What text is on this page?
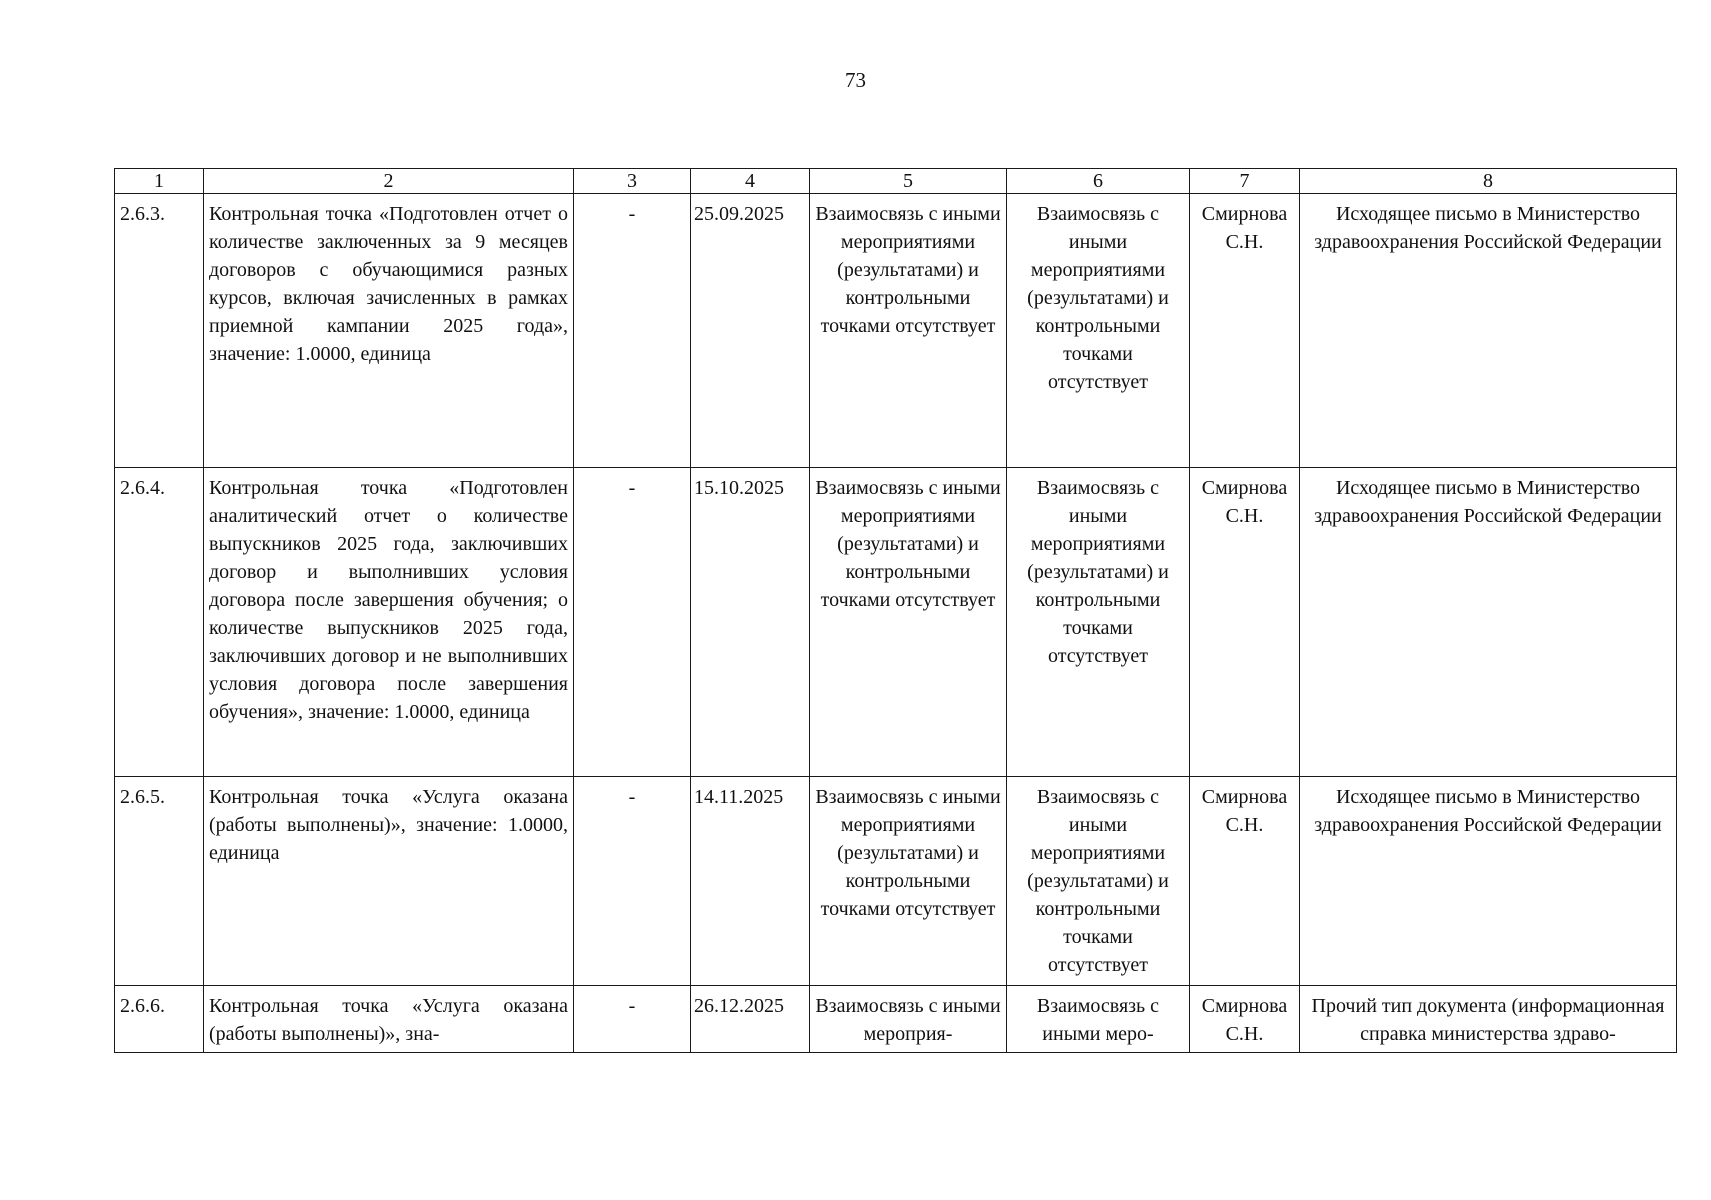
73
1	2	3	4	5	6	7	8
2.6.3.	Контрольная точка «Подготовлен отчет о количестве заключенных за 9 месяцев договоров с обучающимися разных курсов, включая зачисленных в рамках приемной кампании 2025 года», значение: 1.0000, единица	-	25.09.2025	Взаимосвязь с иными мероприятиями (результатами) и контрольными точками отсутствует	Взаимосвязь с иными мероприятиями (результатами) и контрольными точками отсутствует	Смирнова С.Н.	Исходящее письмо в Министерство здравоохранения Российской Федерации
2.6.4.	Контрольная точка «Подготовлен аналитический отчет о количестве выпускников 2025 года, заключивших договор и выполнивших условия договора после завершения обучения; о количестве выпускников 2025 года, заключивших договор и не выполнивших условия договора после завершения обучения», значение: 1.0000, единица	-	15.10.2025	Взаимосвязь с иными мероприятиями (результатами) и контрольными точками отсутствует	Взаимосвязь с иными мероприятиями (результатами) и контрольными точками отсутствует	Смирнова С.Н.	Исходящее письмо в Министерство здравоохранения Российской Федерации
2.6.5.	Контрольная точка «Услуга оказана (работы выполнены)», значение: 1.0000, единица	-	14.11.2025	Взаимосвязь с иными мероприятиями (результатами) и контрольными точками отсутствует	Взаимосвязь с иными мероприятиями (результатами) и контрольными точками отсутствует	Смирнова С.Н.	Исходящее письмо в Министерство здравоохранения Российской Федерации

2.6.6.	Контрольная точка «Услуга оказана (работы выполнены)», зна-	-	26.12.2025	Взаимосвязь с иными мероприя-	Взаимосвязь с иными меро-	Смирнова С.Н.	Прочий тип документа (информационная справка министерства здраво-
